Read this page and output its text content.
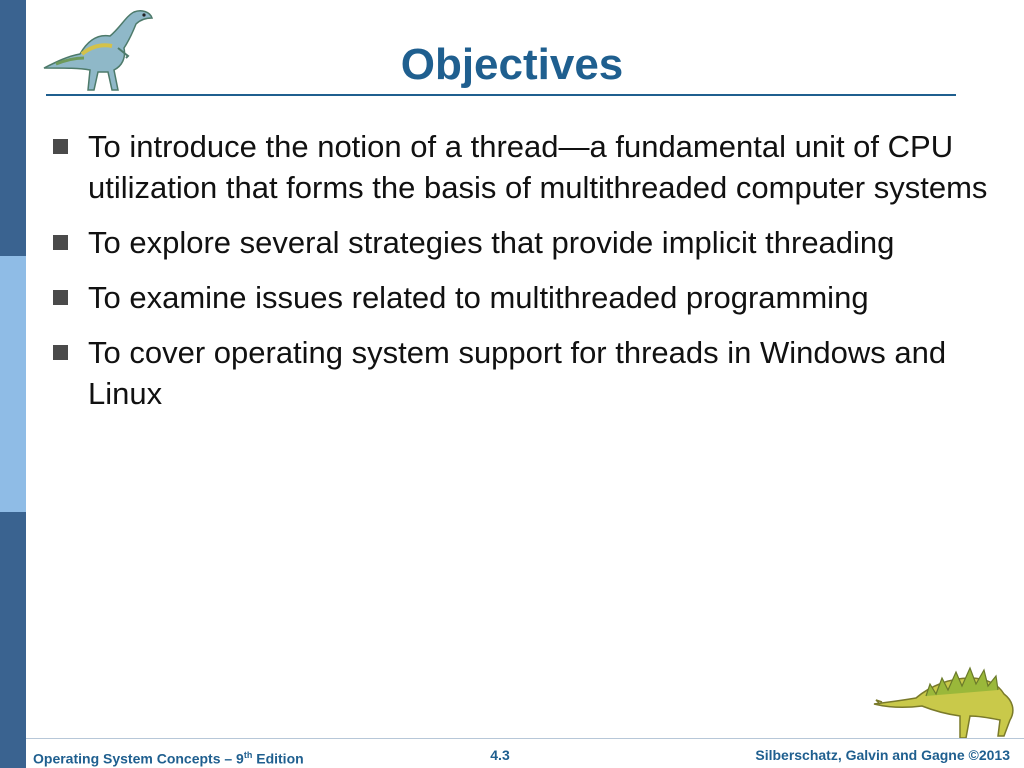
Objectives
To introduce the notion of a thread—a fundamental unit of CPU utilization that forms the basis of multithreaded computer systems
To explore several strategies that provide implicit threading
To examine issues related to multithreaded programming
To cover operating system support for threads in Windows and Linux
Operating System Concepts – 9th Edition	4.3	Silberschatz, Galvin and Gagne ©2013
